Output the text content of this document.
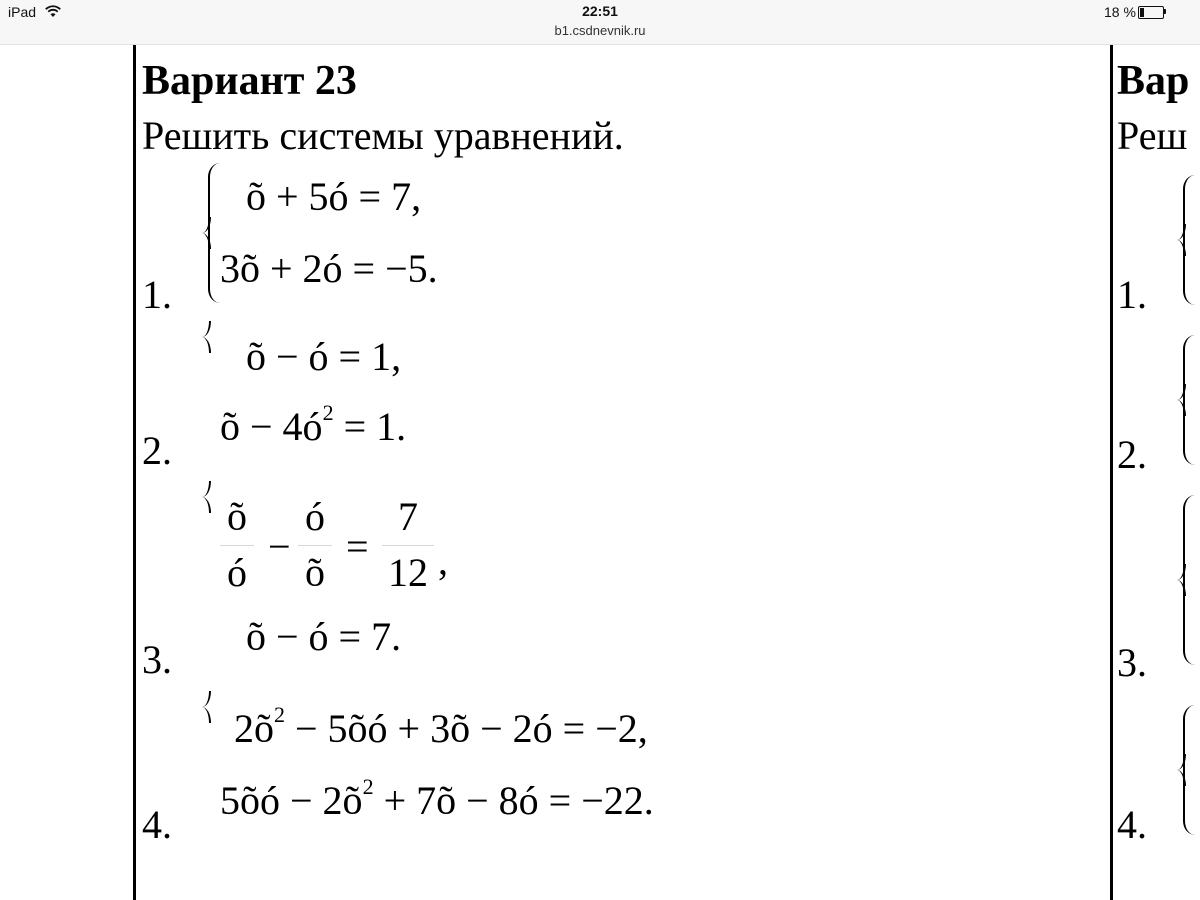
iPad	22:51
b1.csdnevnik.ru
18 %
Вариант 23
Решить системы уравнений.
1.
õ + 5ó = 7,
3õ + 2ó = −5.
2.
õ − ó = 1,
õ − $4ó^2 = 1$.
3.
õ
ó
−
ó
õ
=
7
12 ,
õ − ó = 7.
4.
$2õ^2$ − 5õó + 3õ − 2ó = −2,
5õó − $2õ^2$ + 7õ − 8ó = −22.
Вар
Реш
1.
2.
3.
4.
